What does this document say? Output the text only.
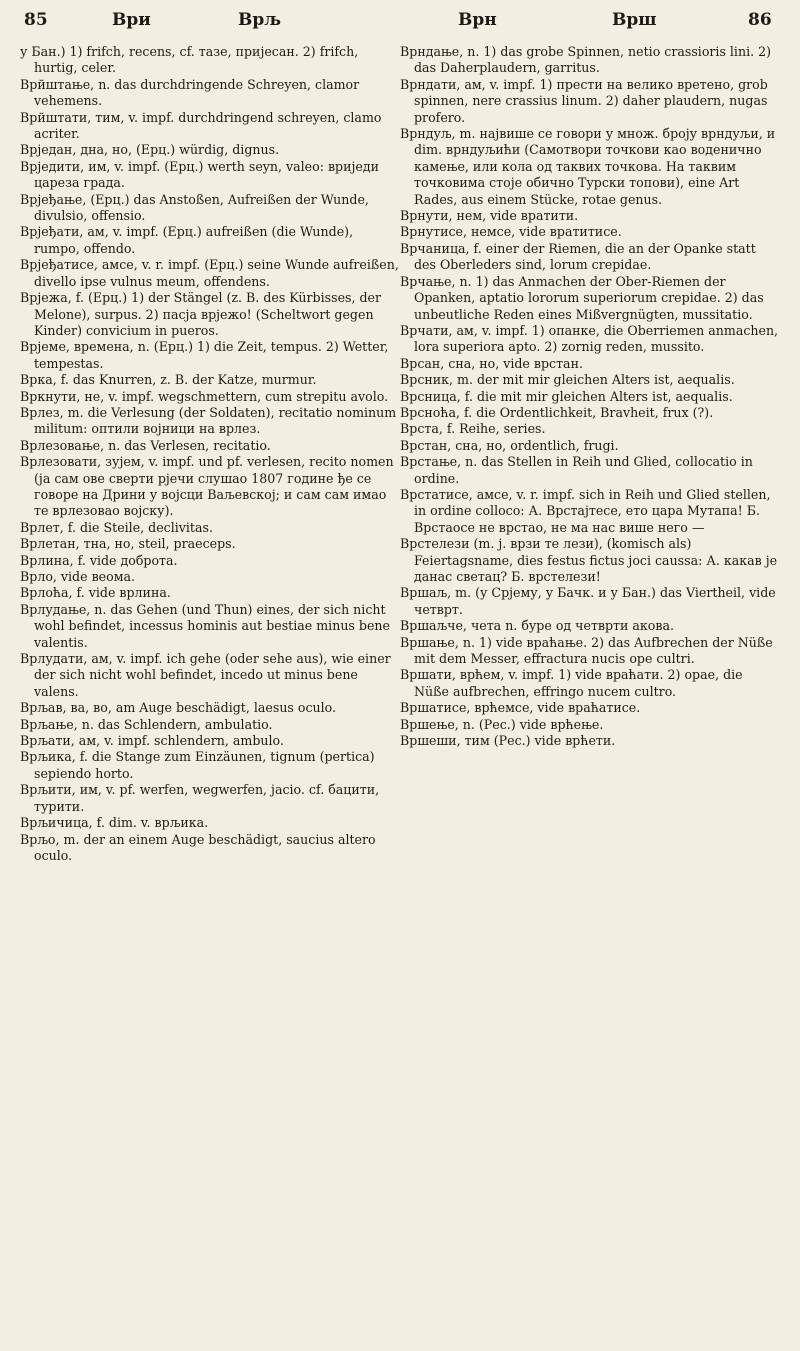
85	Ври	Врљ	Врн	Врш	86

у Бан.) 1) frifch, recens, cf. тазе, пријесан. 2) frifch, hurtig, celer.

Врйштање, n. das durchdringende Schreyen, clamor vehemens.

Врйштати, тим, v. impf. durchdringend schreyen, clamo acriter.

Врједан, дна, но, (Ерц.) würdig, dignus.

Врједити, им, v. impf. (Ерц.) werth seyn, valeo: вриједи цареза града.

Врјеђање, (Ерц.) das Anstoßen, Aufreißen der Wunde, divulsio, offensio.

Врјеђати, ам, v. impf. (Ерц.) aufreißen (die Wunde), rumpo, offendo.

Врјеђатисе, амсе, v. r. impf. (Ерц.) seine Wunde aufreißen, divello ipse vulnus meum, offendens.

Врјежа, f. (Ерц.) 1) der Stängel (z. B. des Kürbisses, der Melone), surpus. 2) пасја врјежо! (Scheltwort gegen Kinder) convicium in pueros.

Врјеме, времена, n. (Ерц.) 1) die Zeit, tempus. 2) Wetter, tempestas.

Врка, f. das Knurren, z. B. der Katze, murmur.

Вркнути, не, v. impf. wegschmettern, cum strepitu avolo.

Врлез, m. die Verlesung (der Soldaten), recitatio nominum militum: оптили војници на врлез.

Врлезовање, n. das Verlesen, recitatio.

Врлезовати, зујем, v. impf. und pf. verlesen, recito nomen (ја сам ове сверти рјечи слушао 1807 године ђе се говоре на Дрини у војсци Ваљевској; и сам сам имао те врлезовао војску).

Врлет, f. die Steile, declivitas.

Врлетан, тна, но, steil, praeceps.

Врлина, f. vide доброта.

Врло, vide веома.

Врлоћа, f. vide врлина.

Врлудање, n. das Gehen (und Thun) eines, der sich nicht wohl befindet, incessus hominis aut bestiae minus bene valentis.

Врлудати, ам, v. impf. ich gehe (oder sehe aus), wie einer der sich nicht wohl befindet, incedo ut minus bene valens.

Врљав, ва, во, am Auge beschädigt, laesus oculo.

Врљање, n. das Schlendern, ambulatio.

Врљати, ам, v. impf. schlendern, ambulo.

Врљика, f. die Stange zum Einzäunen, tignum (pertica) sepiendo horto.

Врљити, им, v. pf. werfen, wegwerfen, jacio. cf. бацити, турити.

Врљичица, f. dim. v. врљика.

Врљо, m. der an einem Auge beschädigt, saucius altero oculo.

Врндање, n. 1) das grobe Spinnen, netio crassioris lini. 2) das Daherplaudern, garritus.

Врндати, ам, v. impf. 1) прести на велико вретено, grob spinnen, nere crassius linum. 2) daher plaudern, nugas profero.

Врндуљ, m. највише се говори у множ. броју врндуљи, и dim. врндуљићи (Самотвори точкови као воденично камење, или кола од таквих точкова. На таквим точковима стоје обично Турски топови), eine Art Rades, aus einem Stücke, rotae genus.

Врнути, нем, vide вратити.

Врнутисе, немсе, vide вратитисе.

Врчаница, f. einer der Riemen, die an der Opanke statt des Oberleders sind, lorum crepidae.

Врчање, n. 1) das Anmachen der Ober-Riemen der Opanken, aptatio lororum superiorum crepidae. 2) das unbeutliche Reden eines Mißvergnügten, mussitatio.

Врчати, ам, v. impf. 1) опанке, die Oberriemen anmachen, lora superiora apto. 2) zornig reden, mussito.

Врсан, сна, но, vide врстан.

Врсник, m. der mit mir gleichen Alters ist, aequalis.

Врсница, f. die mit mir gleichen Alters ist, aequalis.

Врсноћа, f. die Ordentlichkeit, Bravheit, frux (?).

Врста, f. Reihe, series.

Врстан, сна, но, ordentlich, frugi.

Врстање, n. das Stellen in Reih und Glied, collocatio in ordine.

Врстатисе, амсе, v. r. impf. sich in Reih und Glied stellen, in ordine colloco: А. Врстајтесе, ето цара Мутапа! Б. Врстаосе не врстао, не ма нас више него —

Врстелези (m. ј. врзи те лези), (komisch als) Feiertagsname, dies festus fictus joci caussa: А. какав је данас светац? Б. врстелези!

Вршаљ, m. (у Срјему, у Бачк. и у Бан.) das Viertheil, vide четврт.

Вршаљче, чета n. буре од четврти акова.

Вршање, n. 1) vide враћање. 2) das Aufbrechen der Nüße mit dem Messer, effractura nucis ope cultri.

Вршати, врћем, v. impf. 1) vide враћати. 2) орае, die Nüße aufbrechen, effringo nucem cultro.

Вршатисе, врћемсе, vide враћатисе.

Вршење, n. (Рес.) vide врћење.

Вршеши, тим (Рес.) vide врћети.
